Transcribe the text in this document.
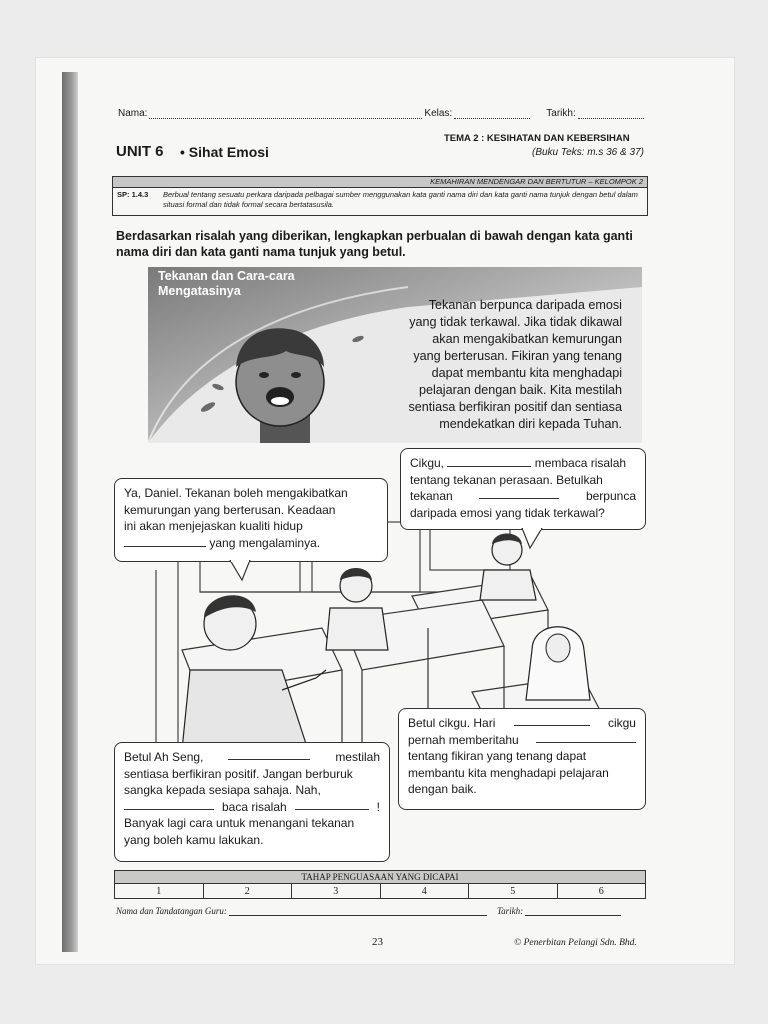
Nama:	Kelas:	Tarikh:
TEMA 2 : KESIHATAN DAN KEBERSIHAN
UNIT 6 • Sihat Emosi	(Buku Teks: m.s 36 & 37)
KEMAHIRAN MENDENGAR DAN BERTUTUR – KELOMPOK 2
SP: 1.4.3	Berbual tentang sesuatu perkara daripada pelbagai sumber menggunakan kata ganti nama diri dan kata ganti nama tunjuk dengan betul dalam situasi formal dan tidak formal secara bertatasusila.
Berdasarkan risalah yang diberikan, lengkapkan perbualan di bawah dengan kata ganti nama diri dan kata ganti nama tunjuk yang betul.
Tekanan dan Cara-cara
Mengatasinya
Tekanan berpunca daripada emosi
yang tidak terkawal. Jika tidak dikawal
akan mengakibatkan kemurungan
yang berterusan. Fikiran yang tenang
dapat membantu kita menghadapi
pelajaran dengan baik. Kita mestilah
sentiasa berfikiran positif dan sentiasa
mendekatkan diri kepada Tuhan.
Cikgu,	membaca risalah
tentang tekanan perasaan. Betulkah
tekanan	berpunca
daripada emosi yang tidak terkawal?
Ya, Daniel. Tekanan boleh mengakibatkan
kemurungan yang berterusan. Keadaan
ini akan menjejaskan kualiti hidup
yang mengalaminya.
Betul cikgu. Hari	cikgu
pernah memberitahu
tentang fikiran yang tenang dapat
membantu kita menghadapi pelajaran
dengan baik.
Betul Ah Seng,	mestilah
sentiasa berfikiran positif. Jangan berburuk
sangka kepada sesiapa sahaja. Nah,
baca risalah	!
Banyak lagi cara untuk menangani tekanan
yang boleh kamu lakukan.
TAHAP PENGUASAAN YANG DICAPAI
1	2	3	4	5	6
Nama dan Tandatangan Guru:	Tarikh:
23	© Penerbitan Pelangi Sdn. Bhd.
